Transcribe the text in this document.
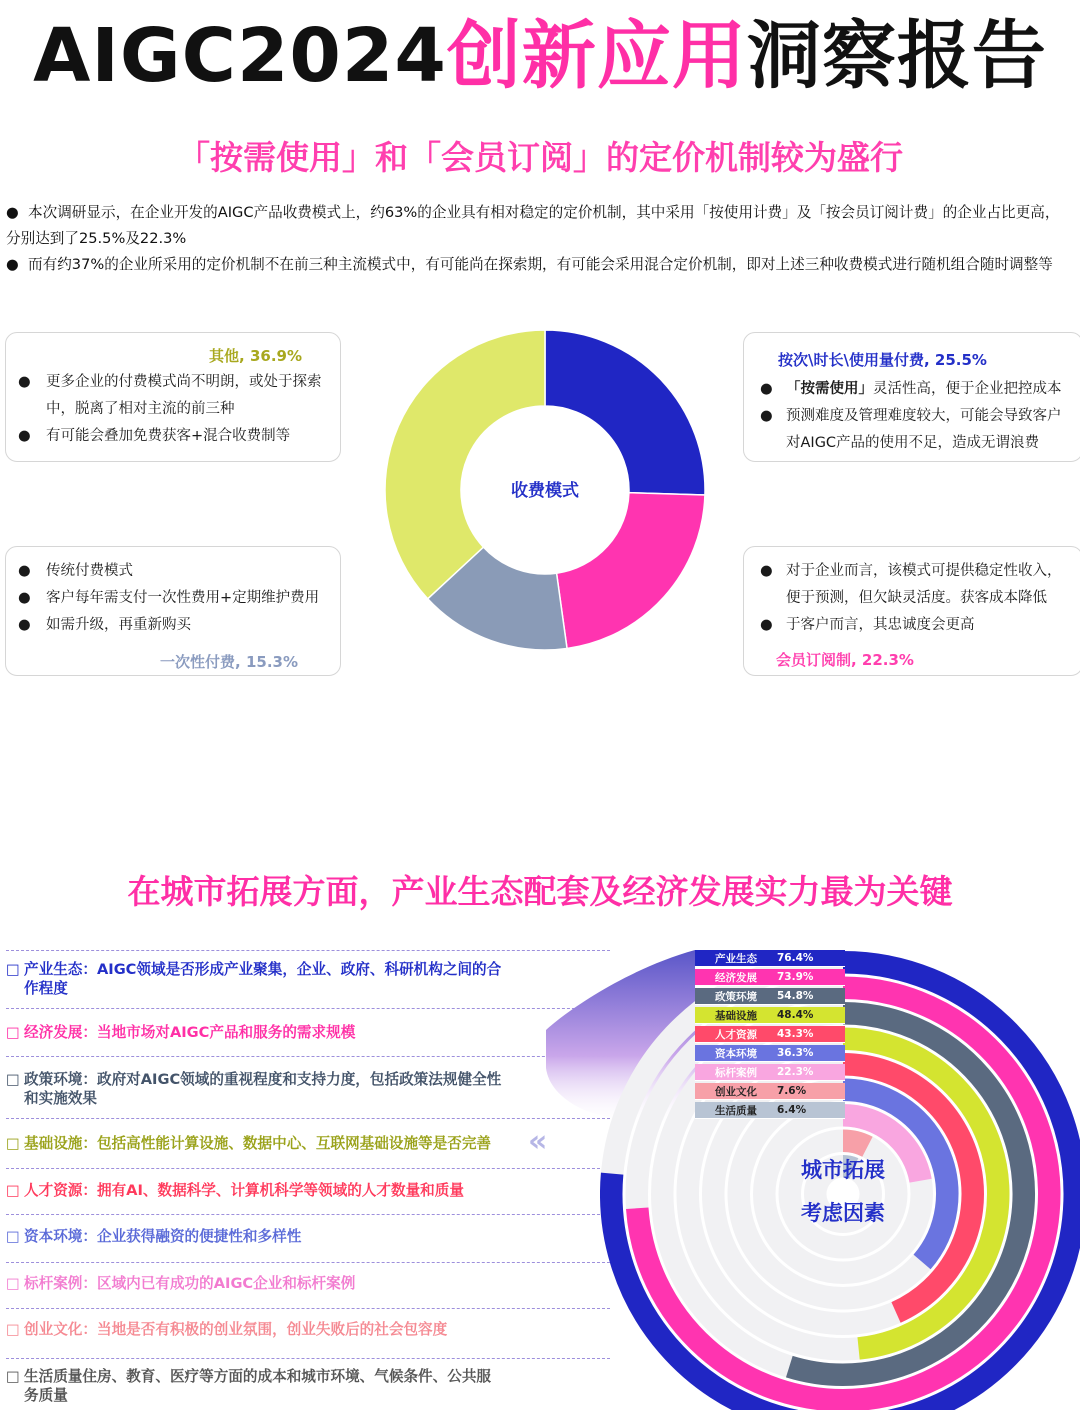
AIGC2024创新应用洞察报告
「按需使用」和「会员订阅」的定价机制较为盛行
● 本次调研显示，在企业开发的AIGC产品收费模式上，约63%的企业具有相对稳定的定价机制，其中采用「按使用计费」及「按会员订阅计费」的企业占比更高，
分别达到了25.5%及22.3%
● 而有约37%的企业所采用的定价机制不在前三种主流模式中，有可能尚在探索期，有可能会采用混合定价机制，即对上述三种收费模式进行随机组合随时调整等
其他, 36.9%
●	更多企业的付费模式尚不明朗，或处于探索
中，脱离了相对主流的前三种
●	有可能会叠加免费获客+混合收费制等
按次\时长\使用量付费, 25.5%
● 「按需使用」 灵活性高，便于企业把控成本
● 预测难度及管理难度较大，可能会导致客户
对AIGC产品的使用不足，造成无谓浪费
●	传统付费模式
●	客户每年需支付一次性费用+定期维护费用
●	如需升级，再重新购买
一次性付费, 15.3%
● 对于企业而言，该模式可提供稳定性收入，
便于预测，但欠缺灵活度。获客成本降低
● 于客户而言，其忠诚度会更高
会员订阅制, 22.3%
收费模式
在城市拓展方面，产业生态配套及经济发展实力最为关键
□ 产业生态：AIGC领域是否形成产业聚集，企业、政府、科研机构之间的合
作程度
□ 经济发展：当地市场对AIGC产品和服务的需求规模
□ 政策环境：政府对AIGC领域的重视程度和支持力度，包括政策法规健全性
和实施效果
□ 基础设施：包括高性能计算设施、数据中心、互联网基础设施等是否完善
□ 人才资源：拥有AI、数据科学、计算机科学等领域的人才数量和质量
□ 资本环境：企业获得融资的便捷性和多样性
□ 标杆案例：区域内已有成功的AIGC企业和标杆案例
□ 创业文化：当地是否有积极的创业氛围，创业失败后的社会包容度
□ 生活质量住房、教育、医疗等方面的成本和城市环境、气候条件、公共服
务质量
«
城市拓展
考虑因素
产业生态	76.4%
经济发展	73.9%
政策环境	54.8%
基础设施	48.4%
人才资源	43.3%
资本环境	36.3%
标杆案例	22.3%
创业文化	7.6%
生活质量	6.4%
